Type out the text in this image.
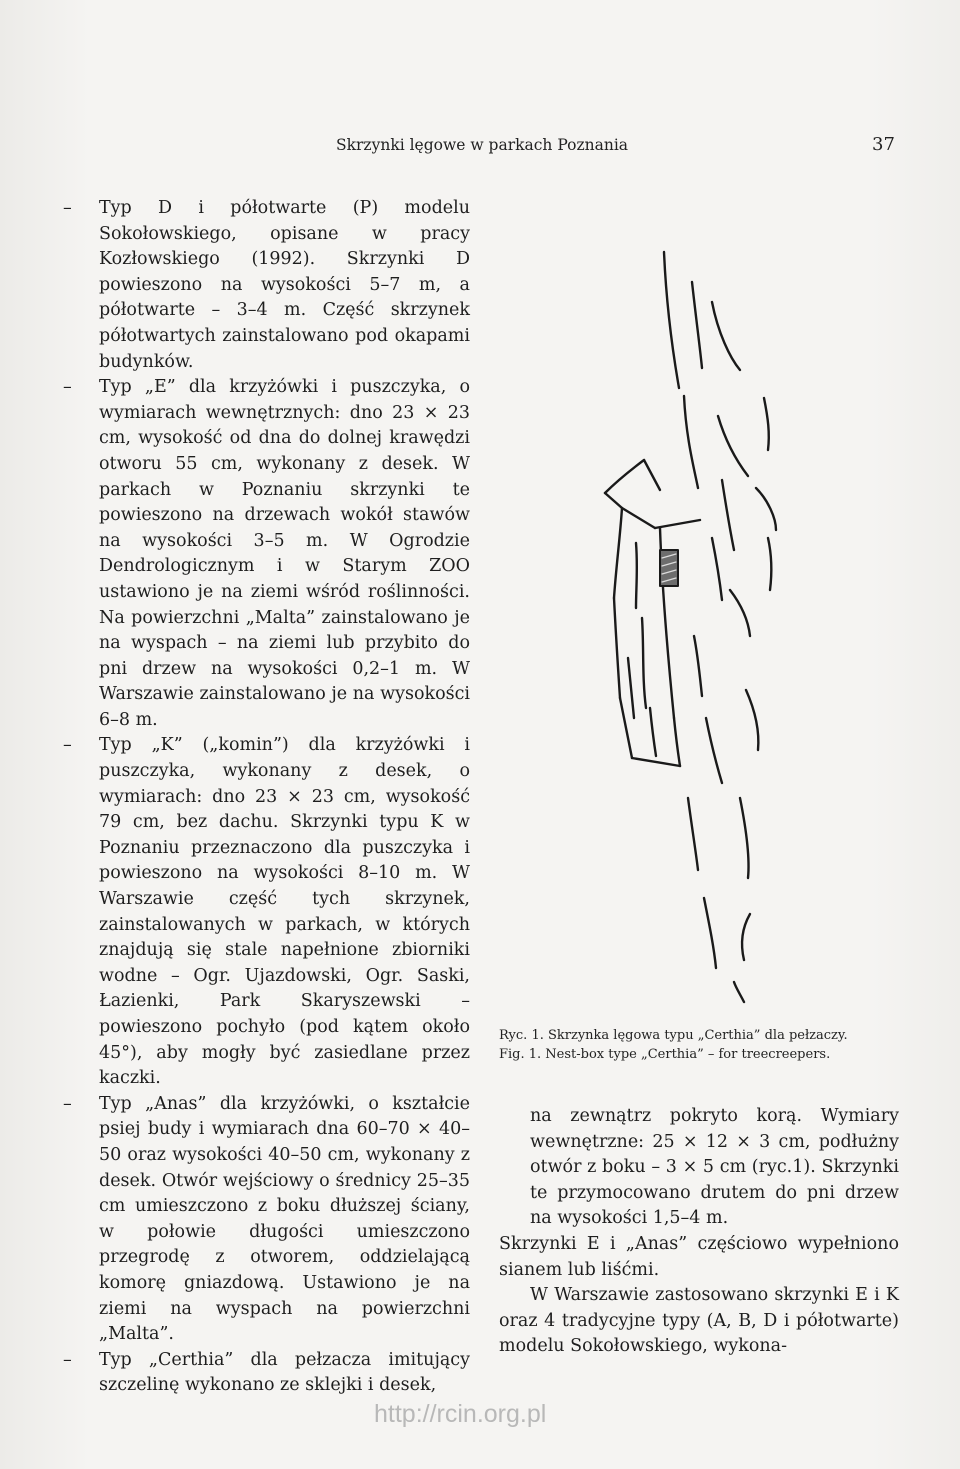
Skrzynki lęgowe w parkach Poznania	37
– Typ D i półotwarte (P) modelu Sokołowskiego, opisane w pracy Kozłowskiego (1992). Skrzynki D powieszono na wysokości 5–7 m, a półotwarte – 3–4 m. Część skrzynek półotwartych zainstalowano pod okapami budynków.
– Typ „E” dla krzyżówki i puszczyka, o wymiarach wewnętrznych: dno 23 × 23 cm, wysokość od dna do dolnej krawędzi otworu 55 cm, wykonany z desek. W parkach w Poznaniu skrzynki te powieszono na drzewach wokół stawów na wysokości 3–5 m. W Ogrodzie Dendrologicznym i w Starym ZOO ustawiono je na ziemi wśród roślinności. Na powierzchni „Malta” zainstalowano je na wyspach – na ziemi lub przybito do pni drzew na wysokości 0,2–1 m. W Warszawie zainstalowano je na wysokości 6–8 m.
– Typ „K” („komin”) dla krzyżówki i puszczyka, wykonany z desek, o wymiarach: dno 23 × 23 cm, wysokość 79 cm, bez dachu. Skrzynki typu K w Poznaniu przeznaczono dla puszczyka i powieszono na wysokości 8–10 m. W Warszawie część tych skrzynek, zainstalowanych w parkach, w których znajdują się stale napełnione zbiorniki wodne – Ogr. Ujazdowski, Ogr. Saski, Łazienki, Park Skaryszewski – powieszono pochyło (pod kątem około 45°), aby mogły być zasiedlane przez kaczki.
– Typ „Anas” dla krzyżówki, o kształcie psiej budy i wymiarach dna 60–70 × 40–50 oraz wysokości 40–50 cm, wykonany z desek. Otwór wejściowy o średnicy 25–35 cm umieszczono z boku dłuższej ściany, w połowie długości umieszczono przegrodę z otworem, oddzielającą komorę gniazdową. Ustawiono je na ziemi na wyspach na powierzchni „Malta”.
– Typ „Certhia” dla pełzacza imitujący szczelinę wykonano ze sklejki i desek,
Ryc. 1. Skrzynka lęgowa typu „Certhia” dla pełzaczy.
Fig. 1. Nest-box type „Certhia” – for treecreepers.

na zewnątrz pokryto korą. Wymiary wewnętrzne: 25 × 12 × 3 cm, podłużny otwór z boku – 3 × 5 cm (ryc.1). Skrzynki te przymocowano drutem do pni drzew na wysokości 1,5–4 m.

Skrzynki E i „Anas” częściowo wypełniono sianem lub liśćmi.

W Warszawie zastosowano skrzynki E i K oraz 4 tradycyjne typy (A, B, D i półotwarte) modelu Sokołowskiego, wykona-

http://rcin.org.pl
